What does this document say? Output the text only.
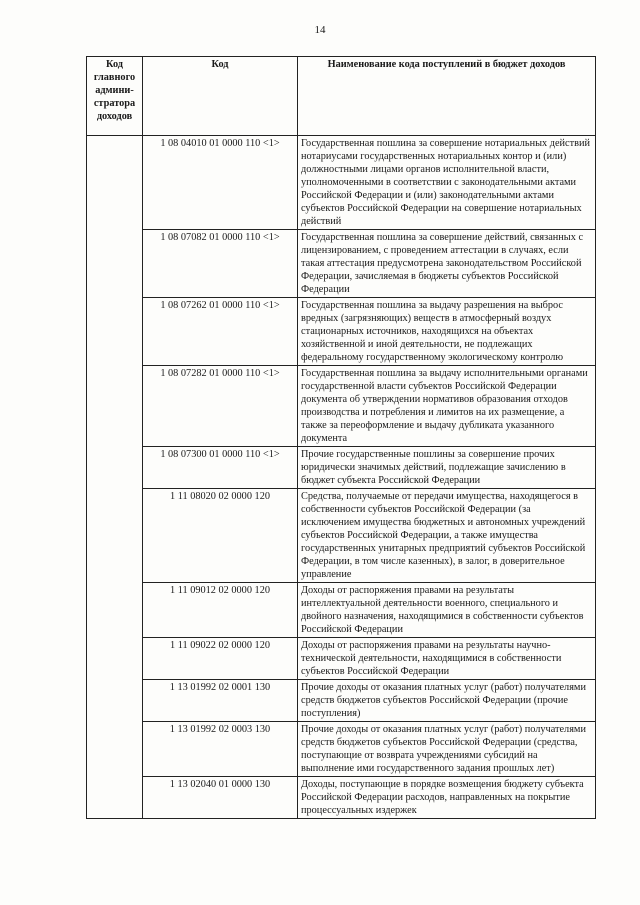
14
Код главного админи-стратора доходов	Код	Наименование кода поступлений в бюджет доходов
	1 08 04010 01 0000 110 <1>	Государственная пошлина за совершение нотариальных действий нотариусами государственных нотариальных контор и (или) должностными лицами органов исполнительной власти, уполномоченными в соответствии с законодательными актами Российской Федерации и (или) законодательными актами субъектов Российской Федерации на совершение нотариальных действий
	1 08 07082 01 0000 110 <1>	Государственная пошлина за совершение действий, связанных с лицензированием, с проведением аттестации в случаях, если такая аттестация предусмотрена законодательством Российской Федерации, зачисляемая в бюджеты субъектов Российской Федерации
	1 08 07262 01 0000 110 <1>	Государственная пошлина за выдачу разрешения на выброс вредных (загрязняющих) веществ в атмосферный воздух стационарных источников, находящихся на объектах хозяйственной и иной деятельности, не подлежащих федеральному государственному экологическому контролю
	1 08 07282 01 0000 110 <1>	Государственная пошлина за выдачу исполнительными органами государственной власти субъектов Российской Федерации документа об утверждении нормативов образования отходов производства и потребления и лимитов на их размещение, а также за переоформление и выдачу дубликата указанного документа
	1 08 07300 01 0000 110 <1>	Прочие государственные пошлины за совершение прочих юридически значимых действий, подлежащие зачислению в бюджет субъекта Российской Федерации
	1 11 08020 02 0000 120	Средства, получаемые от передачи имущества, находящегося в собственности субъектов Российской Федерации (за исключением имущества бюджетных и автономных учреждений субъектов Российской Федерации, а также имущества государственных унитарных предприятий субъектов Российской Федерации, в том числе казенных), в залог, в доверительное управление
	1 11 09012 02 0000 120	Доходы от распоряжения правами на результаты интеллектуальной деятельности военного, специального и двойного назначения, находящимися в собственности субъектов Российской Федерации
	1 11 09022 02 0000 120	Доходы от распоряжения правами на результаты научно-технической деятельности, находящимися в собственности субъектов Российской Федерации
	1 13 01992 02 0001 130	Прочие доходы от оказания платных услуг (работ) получателями средств бюджетов субъектов Российской Федерации (прочие поступления)
	1 13 01992 02 0003 130	Прочие доходы от оказания платных услуг (работ) получателями средств бюджетов субъектов Российской Федерации (средства, поступающие от возврата учреждениями субсидий на выполнение ими государственного задания прошлых лет)
	1 13 02040 01 0000 130	Доходы, поступающие в порядке возмещения бюджету субъекта Российской Федерации расходов, направленных на покрытие процессуальных издержек
